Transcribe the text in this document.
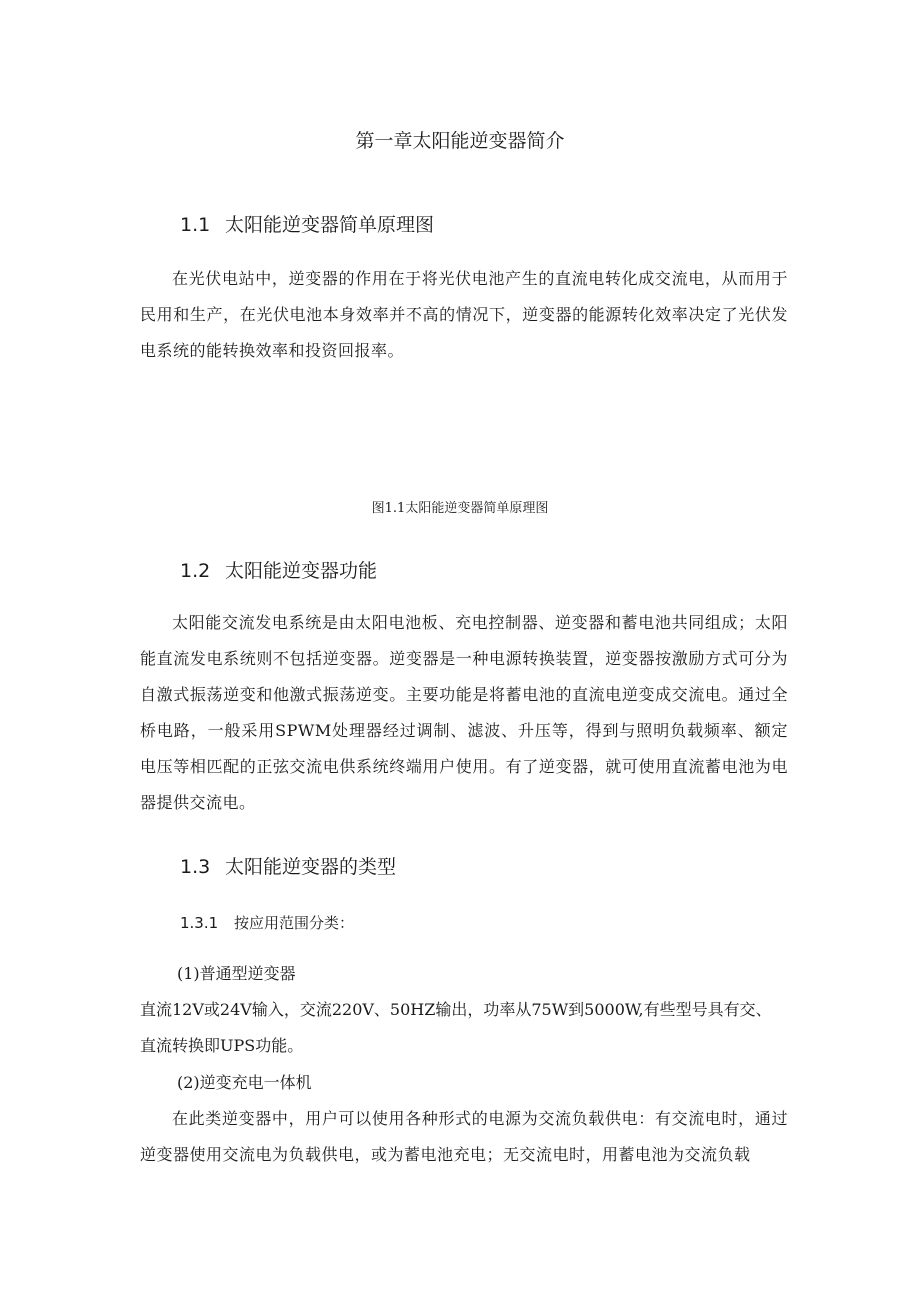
第一章太阳能逆变器简介
1.1 太阳能逆变器简单原理图

在光伏电站中，逆变器的作用在于将光伏电池产生的直流电转化成交流电，从而用于民用和生产，在光伏电池本身效率并不高的情况下，逆变器的能源转化效率决定了光伏发电系统的能转换效率和投资回报率。

图1.1太阳能逆变器简单原理图
1.2 太阳能逆变器功能

太阳能交流发电系统是由太阳电池板、充电控制器、逆变器和蓄电池共同组成；太阳能直流发电系统则不包括逆变器。逆变器是一种电源转换装置，逆变器按激励方式可分为自激式振荡逆变和他激式振荡逆变。主要功能是将蓄电池的直流电逆变成交流电。通过全桥电路，一般采用SPWM处理器经过调制、滤波、升压等，得到与照明负载频率、额定电压等相匹配的正弦交流电供系统终端用户使用。有了逆变器，就可使用直流蓄电池为电器提供交流电。

1.3 太阳能逆变器的类型
1.3.1 按应用范围分类：
(1)普通型逆变器
直流12V或24V输入，交流220V、50HZ输出，功率从75W到5000W,有些型号具有交、
直流转换即UPS功能。
(2)逆变充电一体机

在此类逆变器中，用户可以使用各种形式的电源为交流负载供电：有交流电时，通过逆变器使用交流电为负载供电，或为蓄电池充电；无交流电时，用蓄电池为交流负载
